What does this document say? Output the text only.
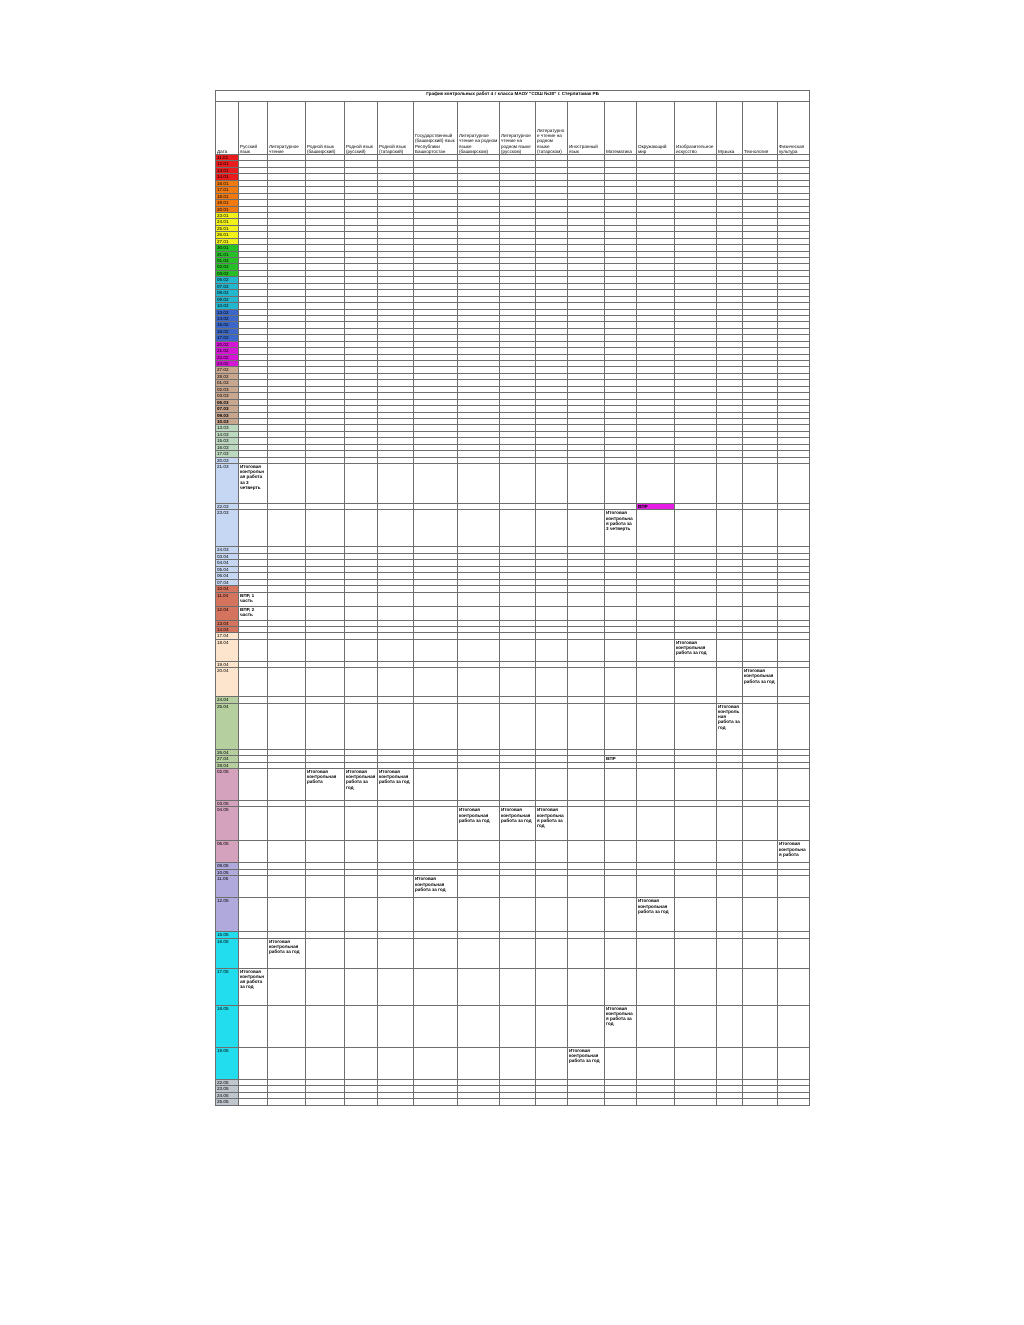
График контрольных работ 4 г класса МАОУ "СОШ №30" г. Стерлитамак РБ																
Дата	Русский язык	Литературное чтение	Родной язык (башкирский)	Родной язык (русский)	Родной язык (татарский)	Государственный (башкирский) язык Республики Башкортостан	Литературное чтение на родном языке (башкирском)	Литературное чтение на родном языке (русском)	Литературное чтение на родном языке (татарском)	Иностранный язык	Математика	Окружающий мир	Изобразительное искусство	Музыка	Технология	Физическая культура
11.01																
12.01																
13.01																
14.01																
16.01																
17.01																
18.01																
19.01																
20.01																
23.01																
24.01																
25.01																
26.01																
27.01																
30.01																
31.01																
01.02																
02.02																
03.02																
06.02																
07.02																
08.02																
09.02																
10.02																
13.02																
14.02																
15.02																
16.02																
17.02																
20.02																
21.02																
22.02																
24.02																
27.02																
28.02																
01.03																
02.03																
03.03																
06.03																
07.03																
09.03																
10.03																
13.03																
14.03																
15.03																
16.03																
17.03																
20.03																
21.03	Итоговая контрольная работа за 3 четверть															
22.03												ВПР				
23.03											Итоговая контрольная работа за 3 четверть					
24.03																
03.04																
04.04																
05.04																
06.04																
07.04																
10.04																
11.04	ВПР, 1 часть															
12.04	ВПР, 2 часть															
13.04																
14.04																
17.04																
18.04													Итоговая контрольная работа за год			
19.04																
20.04															Итоговая контрольная работа за год	
24.04																
25.04														Итоговая контрольная работа за год		
26.04																
27.04											ВПР					
28.04																
02.05			Итоговая контрольная работа	Итоговая контрольная работа за год	Итоговая контрольная работа за год											
03.05																
04.05							Итоговая контрольная работа за год	Итоговая контрольная работа за год	Итоговая контрольная работа за год							
05.05																Итоговая контрольная работа
08.05																
10.05																
11.05						Итоговая контрольная работа за год										
12.05												Итоговая контрольная работа за год				
15.05																
16.05		Итоговая контрольная работа за год														
17.05	Итоговая контрольная работа за год															
18.05											Итоговая контрольная работа за год					
19.05										Итоговая контрольная работа за год						
22.05																
23.05																
24.05																
25.05																
